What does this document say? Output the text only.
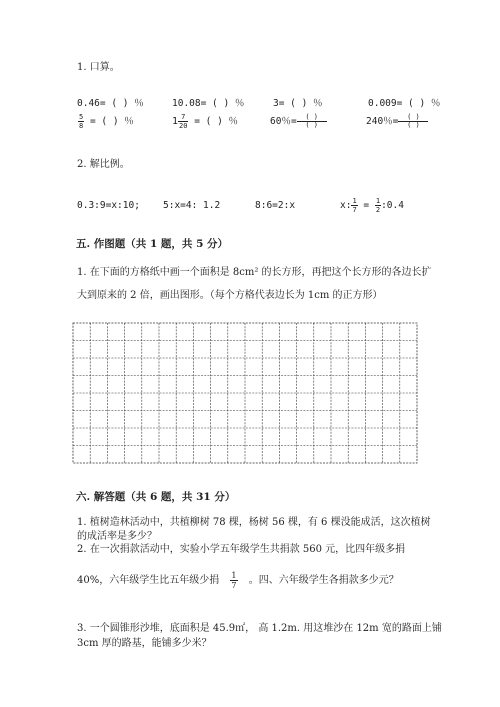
1. 口算。
0.46= ( ) ％	10.08= ( ) ％	3= ( ) ％	0.009= ( ) ％
$\frac{5}{8}$ = ( ) ％	$1 \frac{7}{20}$ = ( ) ％	60％= $\frac{( )}{( )}$	240％= $\frac{( )}{( )}$
2. 解比例。
0.3:9=x:10; 5:x=4: 1.2	8:6=2:x	x: $\frac{1}{7} = \frac{1}{2}$ :0.4
五. 作图题（共 1 题，共 5 分）
1. 在下面的方格纸中画一个面积是 8cm² 的长方形，再把这个长方形的各边长扩
大到原来的 2 倍，画出图形。（每个方格代表边长为 1cm 的正方形）
六. 解答题（共 6 题，共 31 分）
1. 植树造林活动中，共植柳树 78 棵，杨树 56 棵，有 6 棵没能成活，这次植树
的成活率是多少？
2. 在一次捐款活动中，实验小学五年级学生共捐款 560 元，比四年级多捐
40%，六年级学生比五年级少捐 $\frac{1}{7}$ 。四、六年级学生各捐款多少元？
3. 一个圆锥形沙堆，底面积是 45.9㎡， 高 1.2m. 用这堆沙在 12m 宽的路面上铺
3cm 厚的路基，能铺多少米？
